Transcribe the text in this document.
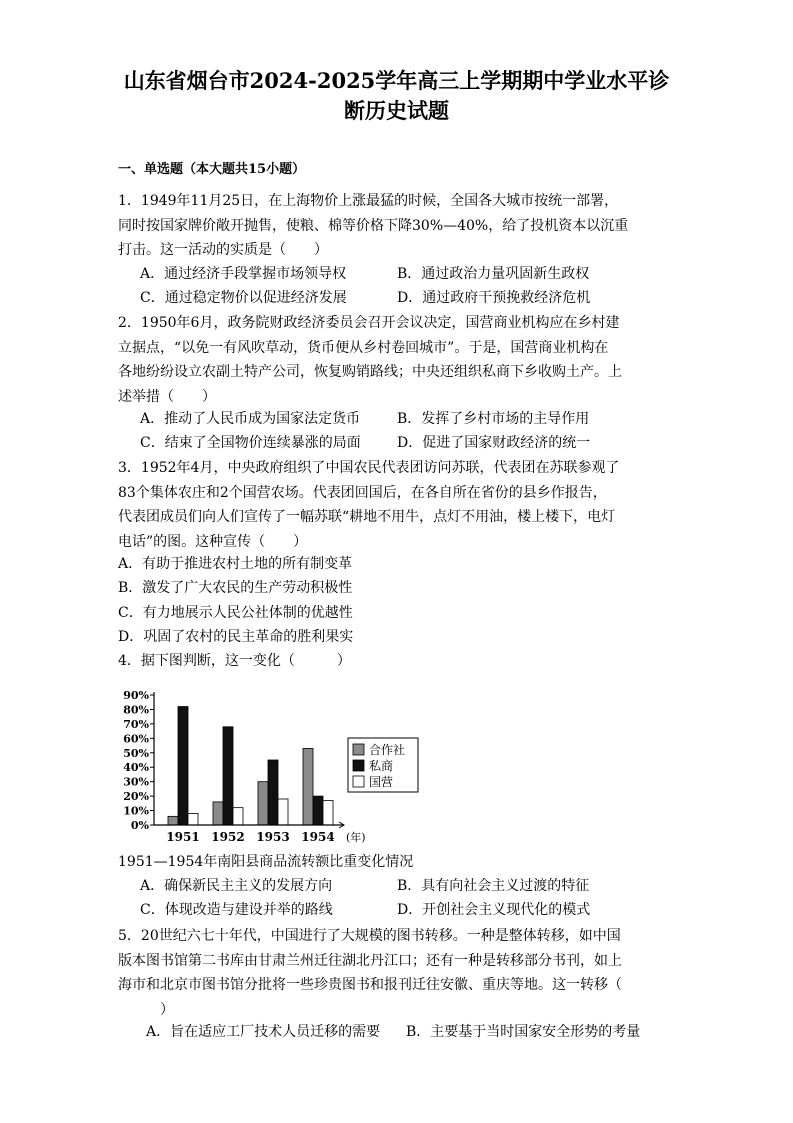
山东省烟台市2024-2025学年高三上学期期中学业水平诊
断历史试题
一、单选题（本大题共15小题）
1．1949年11月25日，在上海物价上涨最猛的时候，全国各大城市按统一部署，
同时按国家牌价敞开抛售，使粮、棉等价格下降30%—40%，给了投机资本以沉重
打击。这一活动的实质是（　　）
A．通过经济手段掌握市场领导权	B．通过政治力量巩固新生政权
C．通过稳定物价以促进经济发展	D．通过政府干预挽救经济危机
2．1950年6月，政务院财政经济委员会召开会议决定，国营商业机构应在乡村建
立据点，“以免一有风吹草动，货币便从乡村卷回城市”。于是，国营商业机构在
各地纷纷设立农副土特产公司，恢复购销路线；中央还组织私商下乡收购土产。上
述举措（　　）
A．推动了人民币成为国家法定货币	B．发挥了乡村市场的主导作用
C．结束了全国物价连续暴涨的局面	D．促进了国家财政经济的统一
3．1952年4月，中央政府组织了中国农民代表团访问苏联，代表团在苏联参观了
83个集体农庄和2个国营农场。代表团回国后，在各自所在省份的县乡作报告，
代表团成员们向人们宣传了一幅苏联“耕地不用牛，点灯不用油，楼上楼下，电灯
电话”的图。这种宣传（　　）
A．有助于推进农村土地的所有制变革
B．激发了广大农民的生产劳动积极性
C．有力地展示人民公社体制的优越性
D．巩固了农村的民主革命的胜利果实
4．据下图判断，这一变化（　　　）
0%
10%
20%
30%
40%
50%
60%
70%
80%
90%
1951 1952 1953 1954 (年)
合作社
私商
国营
1951—1954年南阳县商品流转额比重变化情况
A．确保新民主主义的发展方向	B．具有向社会主义过渡的特征
C．体现改造与建设并举的路线	D．开创社会主义现代化的模式
5．20世纪六七十年代，中国进行了大规模的图书转移。一种是整体转移，如中国
版本图书馆第二书库由甘肃兰州迁往湖北丹江口；还有一种是转移部分书刊，如上
海市和北京市图书馆分批将一些珍贵图书和报刊迁往安徽、重庆等地。这一转移（
）
A．旨在适应工厂技术人员迁移的需要 B．主要基于当时国家安全形势的考量
